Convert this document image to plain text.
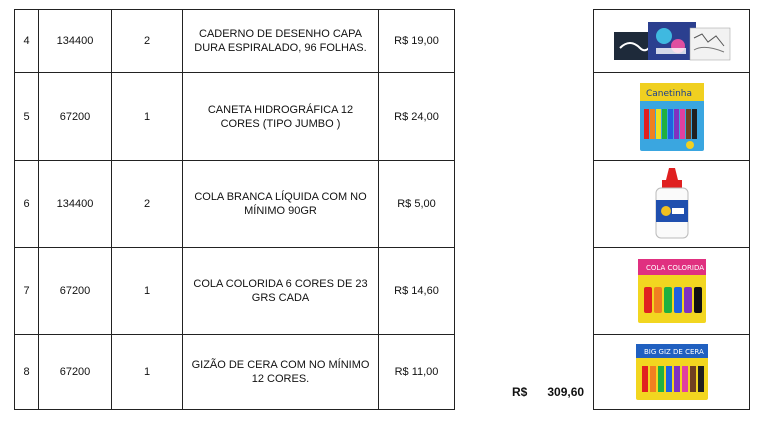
4	134400	2	CADERNO DE DESENHO CAPA DURA ESPIRALADO, 96 FOLHAS.	R$ 19,00
5	67200	1	CANETA HIDROGRÁFICA 12 CORES (TIPO JUMBO )	R$ 24,00
6	134400	2	COLA BRANCA LÍQUIDA COM NO MÍNIMO 90GR	R$ 5,00
7	67200	1	COLA COLORIDA 6 CORES DE 23 GRS CADA	R$ 14,60
8	67200	1	GIZÃO DE CERA COM NO MÍNIMO 12 CORES.	R$ 11,00
R$ 309,60

Canetinha

COLA COLORIDA

BIG GIZ DE CERA
